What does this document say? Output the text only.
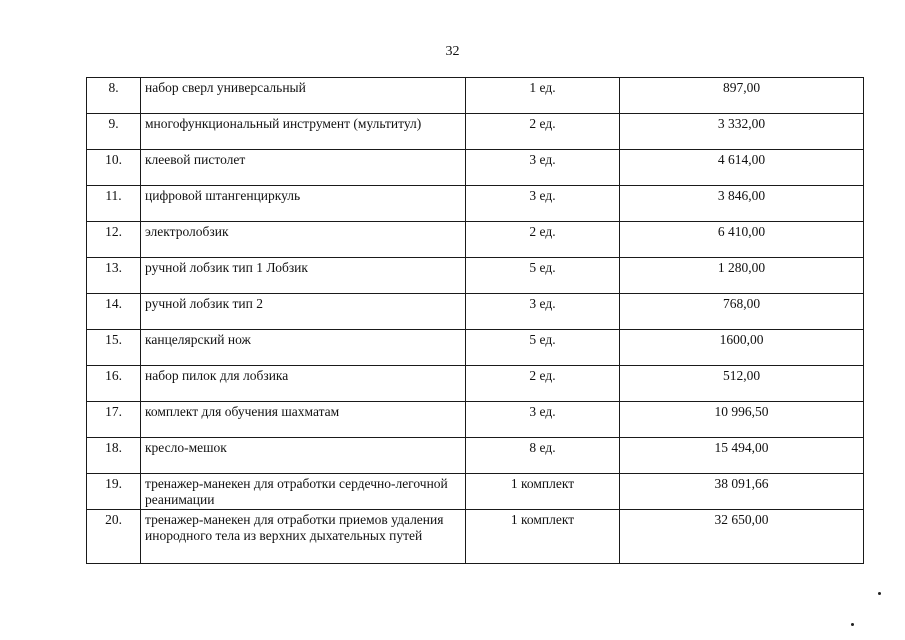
32
8.	набор сверл универсальный	1 ед.	897,00
9.	многофункциональный инструмент (мультитул)	2 ед.	3 332,00
10.	клеевой пистолет	3 ед.	4 614,00
11.	цифровой штангенциркуль	3 ед.	3 846,00
12.	электролобзик	2 ед.	6 410,00
13.	ручной лобзик тип 1 Лобзик	5 ед.	1 280,00
14.	ручной лобзик тип 2	3 ед.	768,00
15.	канцелярский нож	5 ед.	1600,00
16.	набор пилок для лобзика	2 ед.	512,00
17.	комплект для обучения шахматам	3 ед.	10 996,50
18.	кресло-мешок	8 ед.	15 494,00
19.	тренажер-манекен для отработки сердечно-легочной реанимации	1 комплект	38 091,66
20.	тренажер-манекен для отработки приемов удаления инородного тела из верхних дыхательных путей	1 комплект	32 650,00
